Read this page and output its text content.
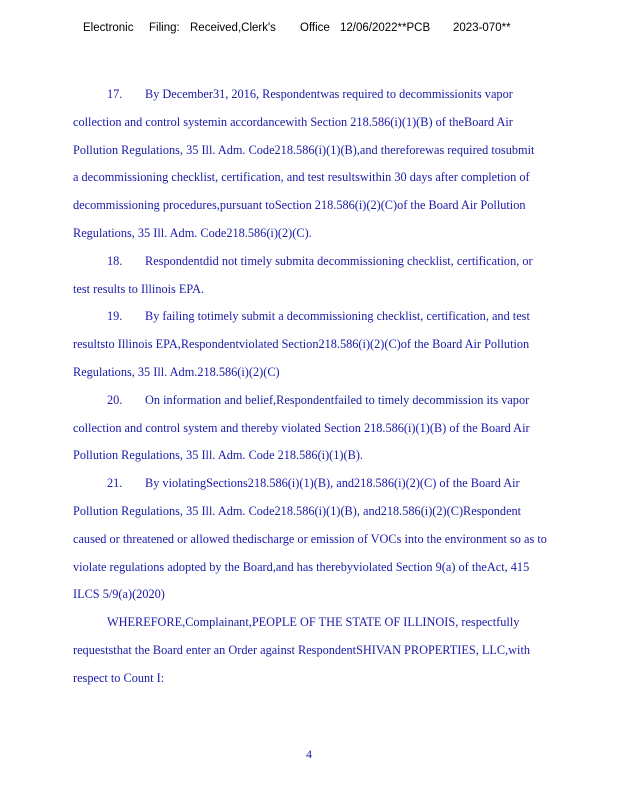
Electronic Filing: Received,Clerk's Office 12/06/2022**PCB 2023-070**
17. By December31, 2016, Respondentwas required to decommissionits vapor
collection and control systemin accordancewith Section 218.586(i)(1)(B) of theBoard Air
Pollution Regulations, 35 Ill. Adm. Code218.586(i)(1)(B),and thereforewas required tosubmit
a decommissioning checklist, certification, and test resultswithin 30 days after completion of
decommissioning procedures,pursuant toSection 218.586(i)(2)(C)of the Board Air Pollution
Regulations, 35 Ill. Adm. Code218.586(i)(2)(C).
18. Respondentdid not timely submita decommissioning checklist, certification, or
test results to Illinois EPA.
19. By failing totimely submit a decommissioning checklist, certification, and test
resultsto Illinois EPA,Respondentviolated Section218.586(i)(2)(C)of the Board Air Pollution
Regulations, 35 Ill. Adm.218.586(i)(2)(C)
20. On information and belief,Respondentfailed to timely decommission its vapor
collection and control system and thereby violated Section 218.586(i)(1)(B) of the Board Air
Pollution Regulations, 35 Ill. Adm. Code 218.586(i)(1)(B).
21. By violatingSections218.586(i)(1)(B), and218.586(i)(2)(C) of the Board Air
Pollution Regulations, 35 Ill. Adm. Code218.586(i)(1)(B), and218.586(i)(2)(C)Respondent
caused or threatened or allowed thedischarge or emission of VOCs into the environment so as to
violate regulations adopted by the Board,and has therebyviolated Section 9(a) of theAct, 415
ILCS 5/9(a)(2020)
WHEREFORE,Complainant,PEOPLE OF THE STATE OF ILLINOIS, respectfully
requeststhat the Board enter an Order against RespondentSHIVAN PROPERTIES, LLC,with
respect to Count I:
4
